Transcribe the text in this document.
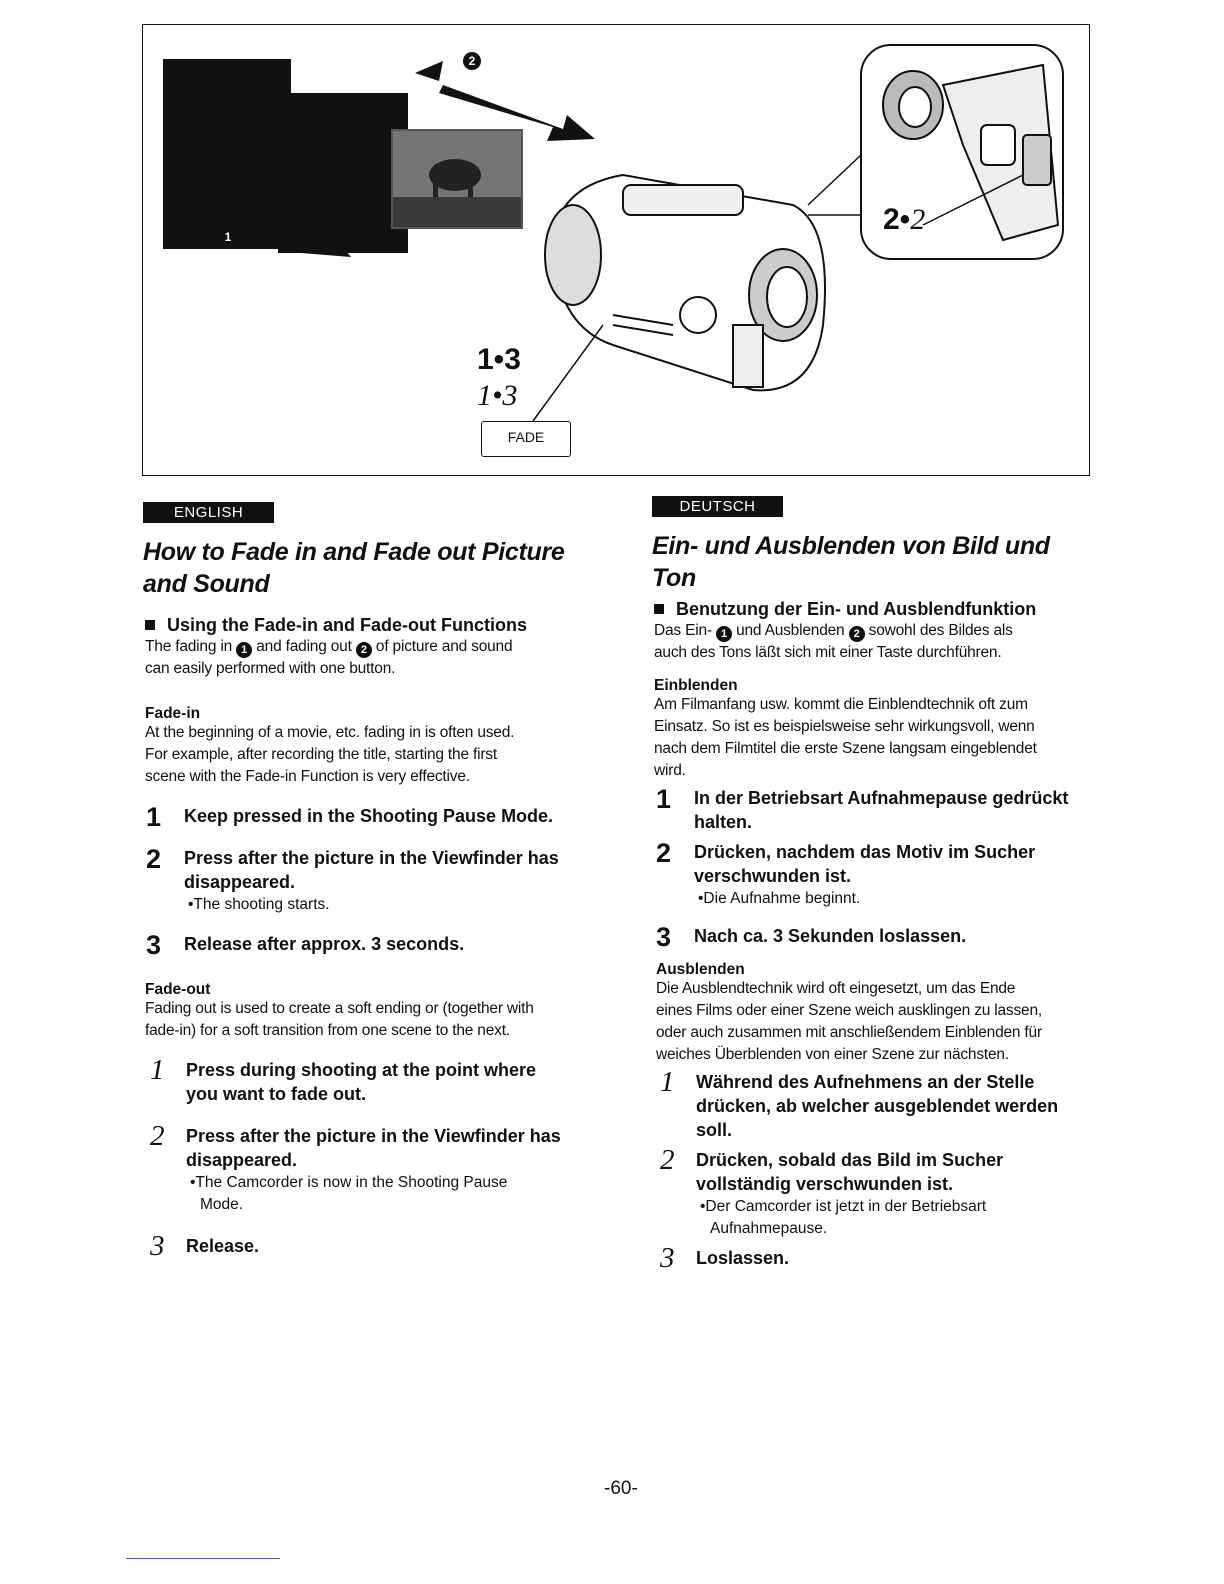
1
2
1•3
1•3
FADE
2•2
ENGLISH
How to Fade in and Fade out Picture
and Sound
Using the Fade-in and Fade-out Functions
The fading in 1 and fading out 2 of picture and sound
can easily performed with one button.
Fade-in
At the beginning of a movie, etc. fading in is often used.
For example, after recording the title, starting the first
scene with the Fade-in Function is very effective.
1 Keep pressed in the Shooting Pause Mode.
2 Press after the picture in the Viewfinder has
disappeared.
•The shooting starts.
3 Release after approx. 3 seconds.
Fade-out
Fading out is used to create a soft ending or (together with
fade-in) for a soft transition from one scene to the next.
1 Press during shooting at the point where
you want to fade out.
2 Press after the picture in the Viewfinder has
disappeared.
•The Camcorder is now in the Shooting Pause
Mode.
3 Release.
DEUTSCH
Ein- und Ausblenden von Bild und
Ton
Benutzung der Ein- und Ausblendfunktion
Das Ein- 1 und Ausblenden 2 sowohl des Bildes als
auch des Tons läßt sich mit einer Taste durchführen.
Einblenden
Am Filmanfang usw. kommt die Einblendtechnik oft zum
Einsatz. So ist es beispielsweise sehr wirkungsvoll, wenn
nach dem Filmtitel die erste Szene langsam eingeblendet
wird.
1 In der Betriebsart Aufnahmepause gedrückt
halten.
2 Drücken, nachdem das Motiv im Sucher
verschwunden ist.
•Die Aufnahme beginnt.
3 Nach ca. 3 Sekunden loslassen.
Ausblenden
Die Ausblendtechnik wird oft eingesetzt, um das Ende
eines Films oder einer Szene weich ausklingen zu lassen,
oder auch zusammen mit anschließendem Einblenden für
weiches Überblenden von einer Szene zur nächsten.
1 Während des Aufnehmens an der Stelle
drücken, ab welcher ausgeblendet werden
soll.
2 Drücken, sobald das Bild im Sucher
vollständig verschwunden ist.
•Der Camcorder ist jetzt in der Betriebsart
Aufnahmepause.
3 Loslassen.
-60-
